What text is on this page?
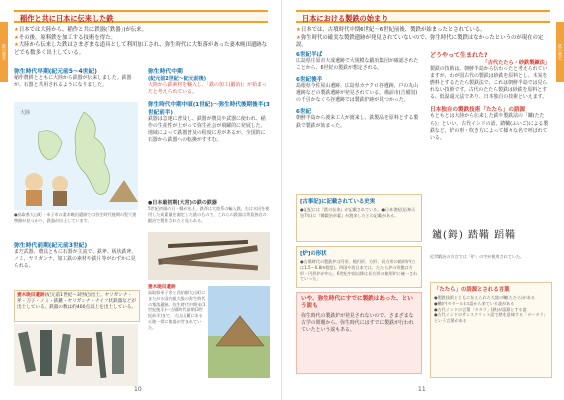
鉄の歴史
稲作と共に日本に伝来した鉄
★日本では大陸から、稲作と共に鉄器(「鉄器」)が伝来。
★その後、原料鉄を加工する技術を得た。
★大陸から伝来した鉄はさまざまな道具として利用加工され、弥生時代に大集落があった妻木晩田遺跡などでも数多く出土している。
弥生時代早期(紀元前5〜4世紀)
稲作農耕とともに大陸から鉄器が伝来しました。鉄器が、石器と共用されるようになりました。
大陸
●鳥取県大山町・米子市の妻木晩田遺跡では弥生時代後期の竪穴建物跡が見つかり、鉄器が出土しています。
弥生時代前期(紀元前3世紀)
まだ武器、農具ともに石器が主流で、鉄斧、板状鉄斧、ノミ、ヤリガンナ、加工鉄の素材や鉄片等がわずかに見られる。
妻木晩田遺跡(紀元前1世紀〜3世紀)出土。ヤリガンナ・斧・刀子・ノミ・鉄鏃・ヤリガンナ・ナイフ状鉄器などが出土している。鉄器の数は約400点以上を出土している。
弥生時代中期
(紀元前2世紀〜紀元前後)
大陸から鉄素材を輸入し、「鉄の加工(鍛冶)」が始まったと考えられている。
弥生時代中期中頃(1世紀)〜弥生時代後期後半(3世紀前半)
鉄器は急速に普及し、鉄器が農具や武器に使われ、稲作の生産性が上がって弥生社会が飛躍的に発展した。地域によって鉄器普及の程度に差があるが、全国的に石器から鉄器への転換がすすむ。
●日本最初期(大宮)の鉄の鉄器
5世紀初頭の日・韓が出土、鉄斧は大陸系の輸入鉄。右は水田を使用した炭素量を測定した鉄のもので、これらの鉄器は列島独自の鍛冶で製作されたと見られる。
妻木晩田遺跡
鳥取県米子市と西伯郡大山町にまたがる国内最大級の弥生時代の集落遺跡。弥生時代中期末(1世紀後半)〜古墳時代前期(3世紀前半)まで、大山山麓にある丘陵一帯に集落が営まれていた。
10
鉄の歴史
日本における製鉄の始まり
★日本では、古墳時代中期6世紀〜6世紀前後、製鉄が始まったとされている。
★弥生時代の確実な製鉄遺跡が発見されていないので、弥生時代に製鉄はなかったというのが現在の定説。
6世紀半ば
広島県庄原市大成遺跡で大規模な鍛冶集団が確認されたことから、6世紀の製鉄が想定される。
6世紀後半
島根県今佐屋山遺跡、広島県カナクロ谷遺跡、戸の丸山遺跡などの製鉄遺跡が発見されている。備前市(吉備国)の千引かなくろ谷遺跡では製鉄炉跡が見つかった。
6世紀
朝鮮半島から渡来工人が渡来し、鉄製品を原料とする製鉄で製鉄が始まった。
[古事記]に記載されている史実
●記紀には『鉄の伝来』が記載されている。●日本書紀(応神天皇7年)に『韓鍛冶卓素』が渡来したとの記載がある。
[炉]の形状
●古墳時代の製鉄炉は円形、楕円形、方形、長方形の箱形炉(○は1.5〜0.8m程度)。四国や西日本では、たたら炉の形態は方形・円形炉が中心、6世紀中頃以降は長方形の箱形炉に統一されていった。
いや、弥生時代にすでに製鉄はあった、という説も
弥生時代の製鉄炉が発見されないので、さまざまな古学の問題から、弥生時代にはすでに製鉄が行われていたという説もある。
どうやって生まれた?
「古代たたら・砂鉄製錬法」
製鉄の技術は、朝鮮半島から伝わったと考えられていますが、わが国古代の製鉄は砂鉄を原料とし、木炭を燃料とするたたら製鉄法で、これは朝鮮半島では見られない技術です。古代のたたら製鉄は砂鉄を原料とする、低温還元法であり、日本独自の技術といえます。
日本独自の製鉄技術「たたら」の語源
もともとは大陸から伝来した鉄や製鉄法の「鑪(たたら)」といい、古代インドの語、踏鞴(ふいご)による製鉄など、炉の形・吹き方によって様々な名で呼ばれている。
鑪(鉧) 踏鞴 蹈鞴
近世鍛冶の方言では「炉」の字が使用されていた。
「たたら」の語源とされる言葉
●製鉄技術とともに伝えられた大陸の鞴(たたら)がある
●鞴炉(タタール)の語から来ている説がある
●古代インドの言葉「タタラ」(熱)が語源とする説
●古代インドのサンスクリット語で熱を意味する「タータラ」という言葉がある
11
